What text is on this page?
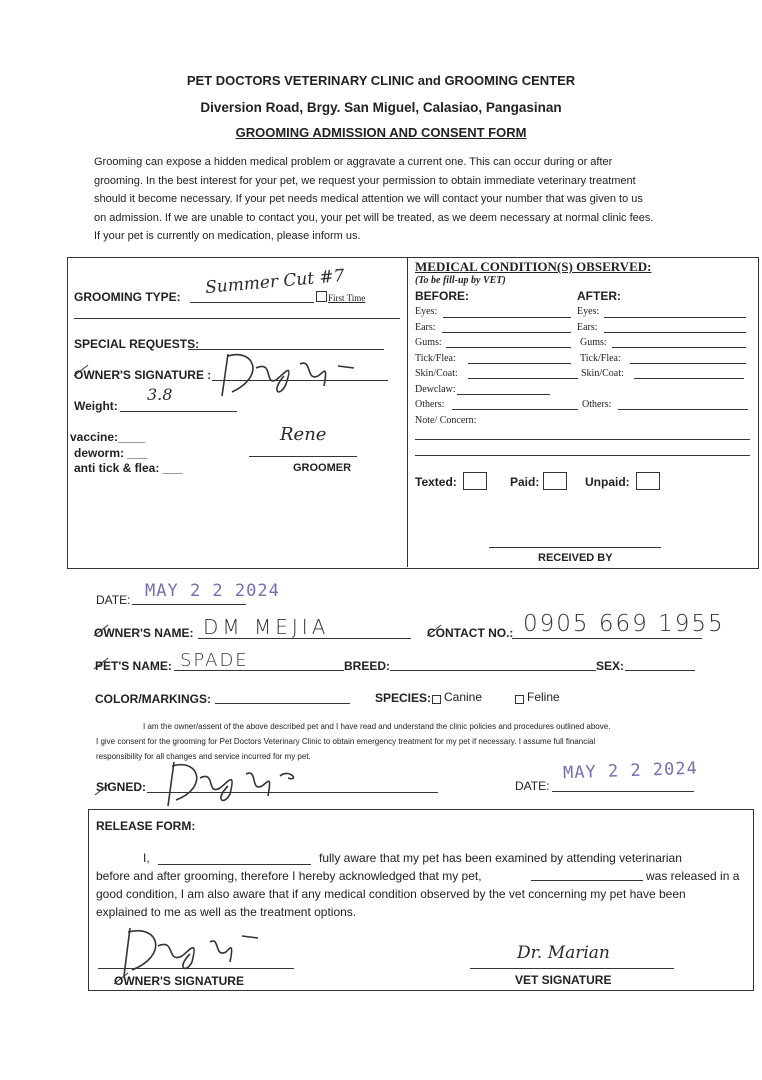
PET DOCTORS VETERINARY CLINIC and GROOMING CENTER
Diversion Road, Brgy. San Miguel, Calasiao, Pangasinan
GROOMING ADMISSION AND CONSENT FORM
Grooming can expose a hidden medical problem or aggravate a current one. This can occur during or after
grooming. In the best interest for your pet, we request your permission to obtain immediate veterinary treatment
should it become necessary. If your pet needs medical attention we will contact your number that was given to us
on admission. If we are unable to contact you, your pet will be treated, as we deem necessary at normal clinic fees.
If your pet is currently on medication, please inform us.
GROOMING TYPE: Summer Cut #7
First Time
SPECIAL REQUESTS:
OWNER'S SIGNATURE :
Weight:
3.8
vaccine:____
deworm: ___
anti tick & flea: ___
Rene
GROOMER
MEDICAL CONDITION(S) OBSERVED:
(To be fill-up by VET)
BEFORE:	AFTER:
Eyes:	Eyes:
Ears:	Ears:
Gums:	Gums:
Tick/Flea:	Tick/Flea:
Skin/Coat:	Skin/Coat:
Dewclaw:
Others:	Others:
Note/ Concern:
Texted:	Paid:	Unpaid:
RECEIVED BY
DATE: MAY 2 2 2024
OWNER'S NAME: DM MEJIA	CONTACT NO.: 0905 669 1955
PET'S NAME: SPADE	BREED:	SEX:
COLOR/MARKINGS:	SPECIES: Canine	Feline
I am the owner/assent of the above described pet and I have read and understand the clinic policies and procedures outlined above.
I give consent for the grooming for Pet Doctors Veterinary Clinic to obtain emergency treatment for my pet if necessary. I assume full financial
responsibility for all changes and service incurred for my pet.
SIGNED:	DATE:
MAY 2 2 2024
RELEASE FORM:
I,	fully aware that my pet has been examined by attending veterinarian
before and after grooming, therefore I hereby acknowledged that my pet,	was released in a
good condition, I am also aware that if any medical condition observed by the vet concerning my pet have been
explained to me as well as the treatment options.
OWNER'S SIGNATURE
Dr. Marian
VET SIGNATURE
